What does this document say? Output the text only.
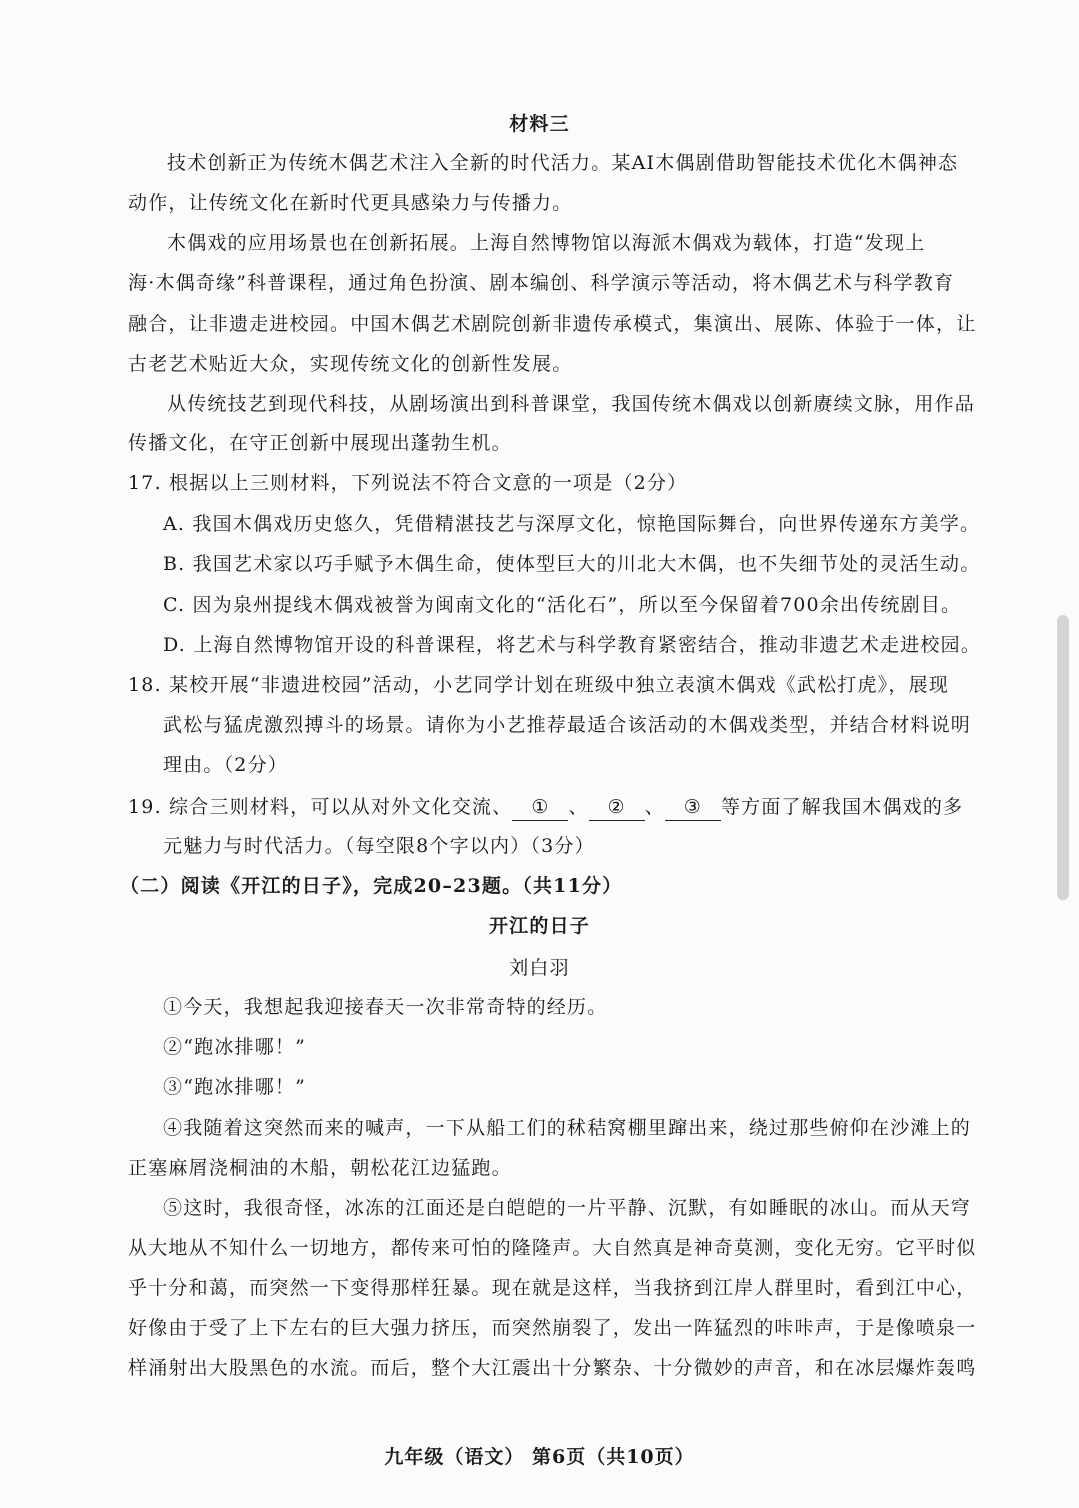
材料三
技术创新正为传统木偶艺术注入全新的时代活力。某AI木偶剧借助智能技术优化木偶神态
动作，让传统文化在新时代更具感染力与传播力。
木偶戏的应用场景也在创新拓展。上海自然博物馆以海派木偶戏为载体，打造“发现上
海·木偶奇缘”科普课程，通过角色扮演、剧本编创、科学演示等活动，将木偶艺术与科学教育
融合，让非遗走进校园。中国木偶艺术剧院创新非遗传承模式，集演出、展陈、体验于一体，让
古老艺术贴近大众，实现传统文化的创新性发展。
从传统技艺到现代科技，从剧场演出到科普课堂，我国传统木偶戏以创新赓续文脉，用作品
传播文化，在守正创新中展现出蓬勃生机。
17. 根据以上三则材料，下列说法不符合文意的一项是（2分）
A. 我国木偶戏历史悠久，凭借精湛技艺与深厚文化，惊艳国际舞台，向世界传递东方美学。
B. 我国艺术家以巧手赋予木偶生命，使体型巨大的川北大木偶，也不失细节处的灵活生动。
C. 因为泉州提线木偶戏被誉为闽南文化的“活化石”，所以至今保留着700余出传统剧目。
D. 上海自然博物馆开设的科普课程，将艺术与科学教育紧密结合，推动非遗艺术走进校园。
18. 某校开展“非遗进校园”活动，小艺同学计划在班级中独立表演木偶戏《武松打虎》，展现
武松与猛虎激烈搏斗的场景。请你为小艺推荐最适合该活动的木偶戏类型，并结合材料说明
理由。（2分）
19. 综合三则材料，可以从对外文化交流、 ① 、 ② 、 ③ 等方面了解我国木偶戏的多
元魅力与时代活力。（每空限8个字以内）（3分）
（二）阅读《开江的日子》，完成20–23题。（共11分）
开江的日子
刘白羽
①今天，我想起我迎接春天一次非常奇特的经历。
②“跑冰排哪！”
③“跑冰排哪！”
④我随着这突然而来的喊声，一下从船工们的秫秸窝棚里蹿出来，绕过那些俯仰在沙滩上的
正塞麻屑浇桐油的木船，朝松花江边猛跑。
⑤这时，我很奇怪，冰冻的江面还是白皑皑的一片平静、沉默，有如睡眠的冰山。而从天穹
从大地从不知什么一切地方，都传来可怕的隆隆声。大自然真是神奇莫测，变化无穷。它平时似
乎十分和蔼，而突然一下变得那样狂暴。现在就是这样，当我挤到江岸人群里时，看到江中心，
好像由于受了上下左右的巨大强力挤压，而突然崩裂了，发出一阵猛烈的咔咔声，于是像喷泉一
样涌射出大股黑色的水流。而后，整个大江震出十分繁杂、十分微妙的声音，和在冰层爆炸轰鸣
九年级（语文） 第6页（共10页）
